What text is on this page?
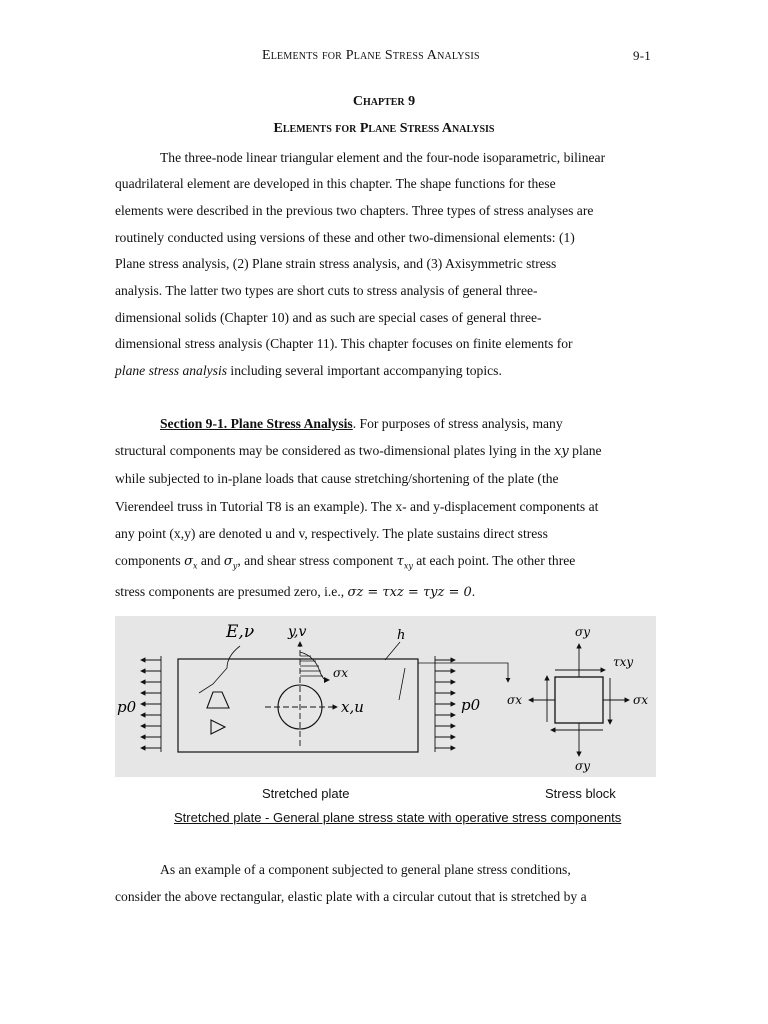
Elements for Plane Stress Analysis	9-1
Chapter 9
Elements for Plane Stress Analysis
The three-node linear triangular element and the four-node isoparametric, bilinear
quadrilateral element are developed in this chapter. The shape functions for these
elements were described in the previous two chapters. Three types of stress analyses are
routinely conducted using versions of these and other two-dimensional elements: (1)
Plane stress analysis, (2) Plane strain stress analysis, and (3) Axisymmetric stress
analysis. The latter two types are short cuts to stress analysis of general three-
dimensional solids (Chapter 10) and as such are special cases of general three-
dimensional stress analysis (Chapter 11). This chapter focuses on finite elements for
plane stress analysis including several important accompanying topics.
Section 9-1. Plane Stress Analysis. For purposes of stress analysis, many
structural components may be considered as two-dimensional plates lying in the xy plane
while subjected to in-plane loads that cause stretching/shortening of the plate (the
Vierendeel truss in Tutorial T8 is an example). The x- and y-displacement components at
any point (x,y) are denoted u and v, respectively. The plate sustains direct stress
components $\sigma_x$ and $\sigma_y$, and shear stress component $\tau_{xy}$ at each point. The other three
stress components are presumed zero, i.e., σz = τxz = τyz = 0.
E,ν y,v	h
σx
x,u
p0	p0
σy
τxy
σx	σx
σy
Stretched plate	Stress block
Stretched plate - General plane stress state with operative stress components
As an example of a component subjected to general plane stress conditions,
consider the above rectangular, elastic plate with a circular cutout that is stretched by a
